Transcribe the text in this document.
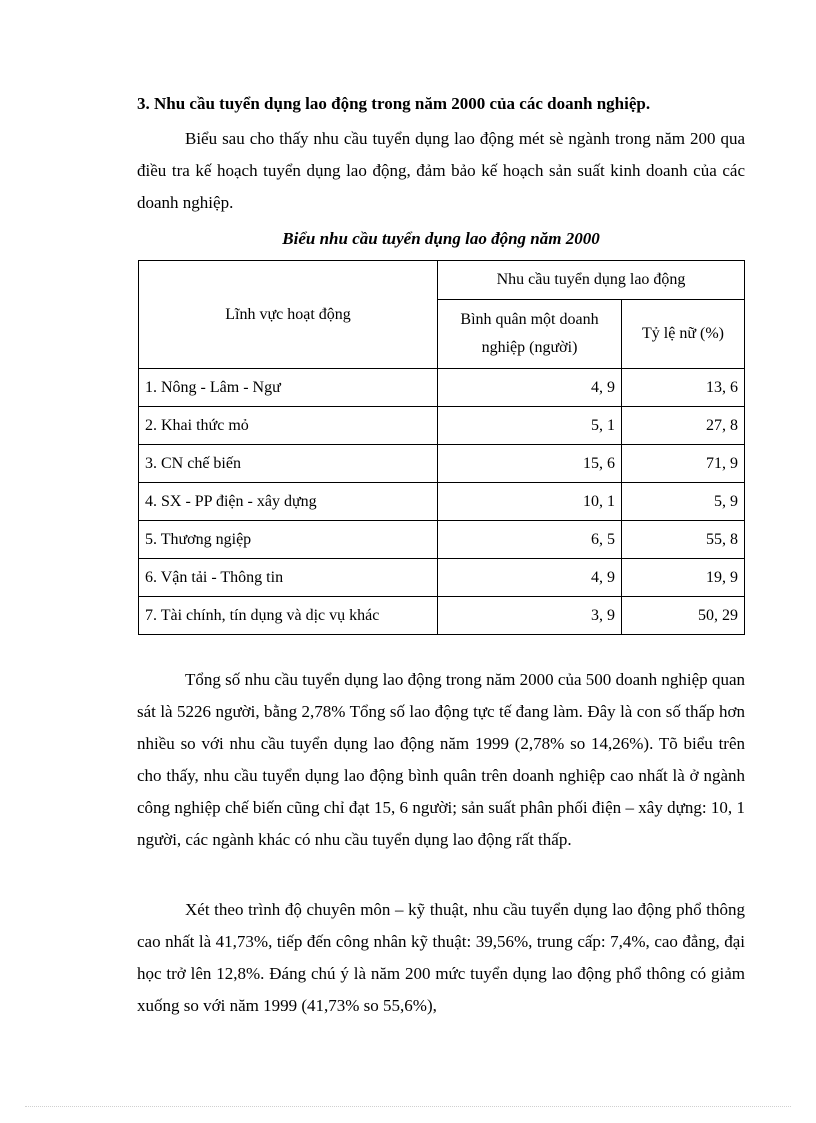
3. Nhu cầu tuyển dụng lao động trong năm 2000 của các doanh nghiệp.
Biểu sau cho thấy nhu cầu tuyển dụng lao động mét sè ngành trong năm 200 qua điều tra kế hoạch tuyển dụng lao động, đảm bảo kế hoạch sản suất kinh doanh của các doanh nghiệp.
Biểu nhu cầu tuyển dụng lao động năm 2000
Lĩnh vực hoạt động	Nhu cầu tuyển dụng lao động	
	Bình quân một doanh nghiệp (người)	Tỷ lệ nữ (%)
1. Nông - Lâm - Ngư	4, 9	13, 6
2. Khai thức mỏ	5, 1	27, 8
3. CN chế biến	15, 6	71, 9
4. SX - PP điện - xây dựng	10, 1	5, 9
5. Thương ngiệp	6, 5	55, 8
6. Vận tải - Thông tin	4, 9	19, 9
7. Tài chính, tín dụng và dịc vụ khác	3, 9	50, 29
Tổng số nhu cầu tuyển dụng lao động trong năm 2000 của 500 doanh nghiệp quan sát là 5226 người, bằng 2,78% Tổng số lao động tực tế đang làm. Đây là con số thấp hơn nhiều so với nhu cầu tuyển dụng lao động năm 1999 (2,78% so 14,26%). Tõ biểu trên cho thấy, nhu cầu tuyển dụng lao động bình quân trên doanh nghiệp cao nhất là ở ngành công nghiệp chế biến cũng chỉ đạt 15, 6 người; sản suất phân phối điện – xây dựng: 10, 1 người, các ngành khác có nhu cầu tuyển dụng lao động rất thấp.
Xét theo trình độ chuyên môn – kỹ thuật, nhu cầu tuyển dụng lao động phổ thông cao nhất là 41,73%, tiếp đến công nhân kỹ thuật: 39,56%, trung cấp: 7,4%, cao đẳng, đại học trở lên 12,8%. Đáng chú ý là năm 200 mức tuyển dụng lao động phổ thông có giảm xuống so với năm 1999 (41,73% so 55,6%),
